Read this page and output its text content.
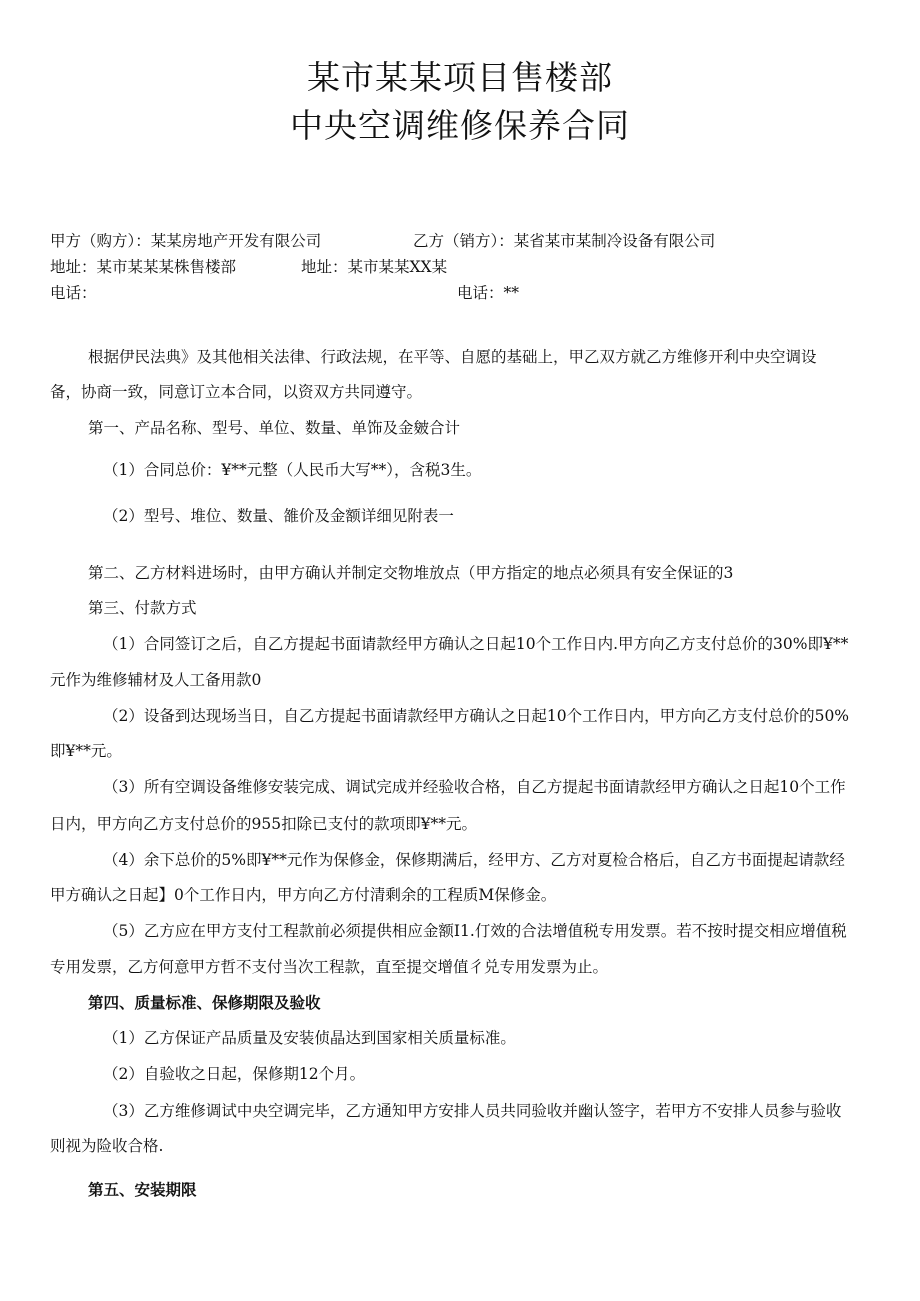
某市某某项目售楼部
中央空调维修保养合同
甲方（购方）：某某房地产开发有限公司	乙方（销方）：某省某市某制冷设备有限公司
地址：某市某某某株售楼部	地址：某市某某XX某
电话：	电话：**
根据伊民法典》及其他相关法律、行政法规，在平等、自愿的基础上，甲乙双方就乙方维修开利中央空调设
备，协商一致，同意订立本合同，以资双方共同遵守。
第一、产品名称、型号、单位、数量、单饰及金皴合计
（1）合同总价：¥**元整（人民币大写**），含税3生。
（2）型号、堆位、数量、雒价及金额详细见附表一
第二、乙方材料进场时，由甲方确认并制定交物堆放点（甲方指定的地点必须具有安全保证的3
第三、付款方式
（1）合同签订之后，自乙方提起书面请款经甲方确认之日起10个工作日内.甲方向乙方支付总价的30%即¥**
元作为维修辅材及人工备用款0
（2）设备到达现场当日，自乙方提起书面请款经甲方确认之日起10个工作日内，甲方向乙方支付总价的50%
即¥**元。
（3）所有空调设备维修安装完成、调试完成并经验收合格，自乙方提起书面请款经甲方确认之日起10个工作
日内，甲方向乙方支付总价的955扣除已支付的款项即¥**元。
（4）余下总价的5%即¥**元作为保修金，保修期满后，经甲方、乙方对夏检合格后，自乙方书面提起请款经
甲方确认之日起】0个工作日内，甲方向乙方付清剩余的工程质M保修金。
（5）乙方应在甲方支付工程款前必须提供相应金额I1.仃效的合法增值税专用发票。若不按时提交相应增值税
专用发票，乙方何意甲方哲不支付当次工程款，直至提交增值彳兑专用发票为止。
第四、质量标准、保修期限及验收
（1）乙方保证产品质量及安装侦晶达到国家相关质量标准。
（2）自验收之日起，保修期12个月。
（3）乙方维修调试中央空调完毕，乙方通知甲方安排人员共同验收并幽认签字，若甲方不安排人员参与验收
则视为险收合格.
第五、安装期限
